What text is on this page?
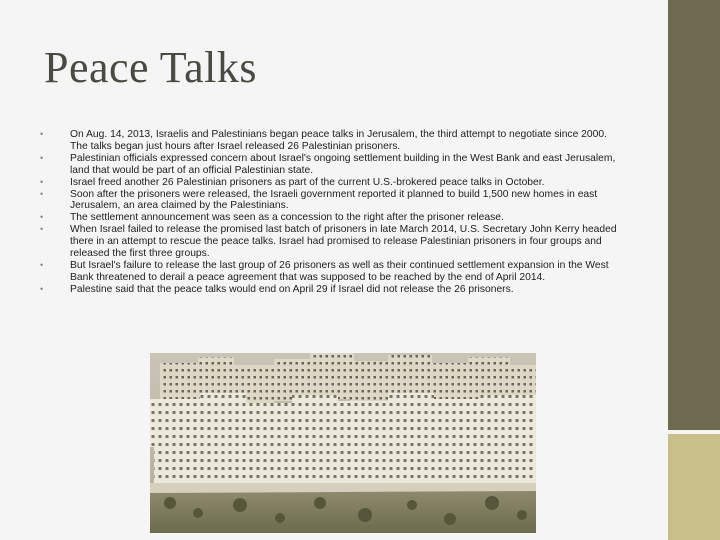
Peace Talks
•	On Aug. 14, 2013, Israelis and Palestinians began peace talks in Jerusalem, the third attempt to negotiate since 2000. The talks began just hours after Israel released 26 Palestinian prisoners.
•	Palestinian officials expressed concern about Israel's ongoing settlement building in the West Bank and east Jerusalem, land that would be part of an official Palestinian state.
•	Israel freed another 26 Palestinian prisoners as part of the current U.S.-brokered peace talks in October.
•	Soon after the prisoners were released, the Israeli government reported it planned to build 1,500 new homes in east Jerusalem, an area claimed by the Palestinians.
•	The settlement announcement was seen as a concession to the right after the prisoner release.
•	When Israel failed to release the promised last batch of prisoners in late March 2014, U.S. Secretary John Kerry headed there in an attempt to rescue the peace talks. Israel had promised to release Palestinian prisoners in four groups and released the first three groups.
•	But Israel's failure to release the last group of 26 prisoners as well as their continued settlement expansion in the West Bank threatened to derail a peace agreement that was supposed to be reached by the end of April 2014.
•	Palestine said that the peace talks would end on April 29 if Israel did not release the 26 prisoners.
